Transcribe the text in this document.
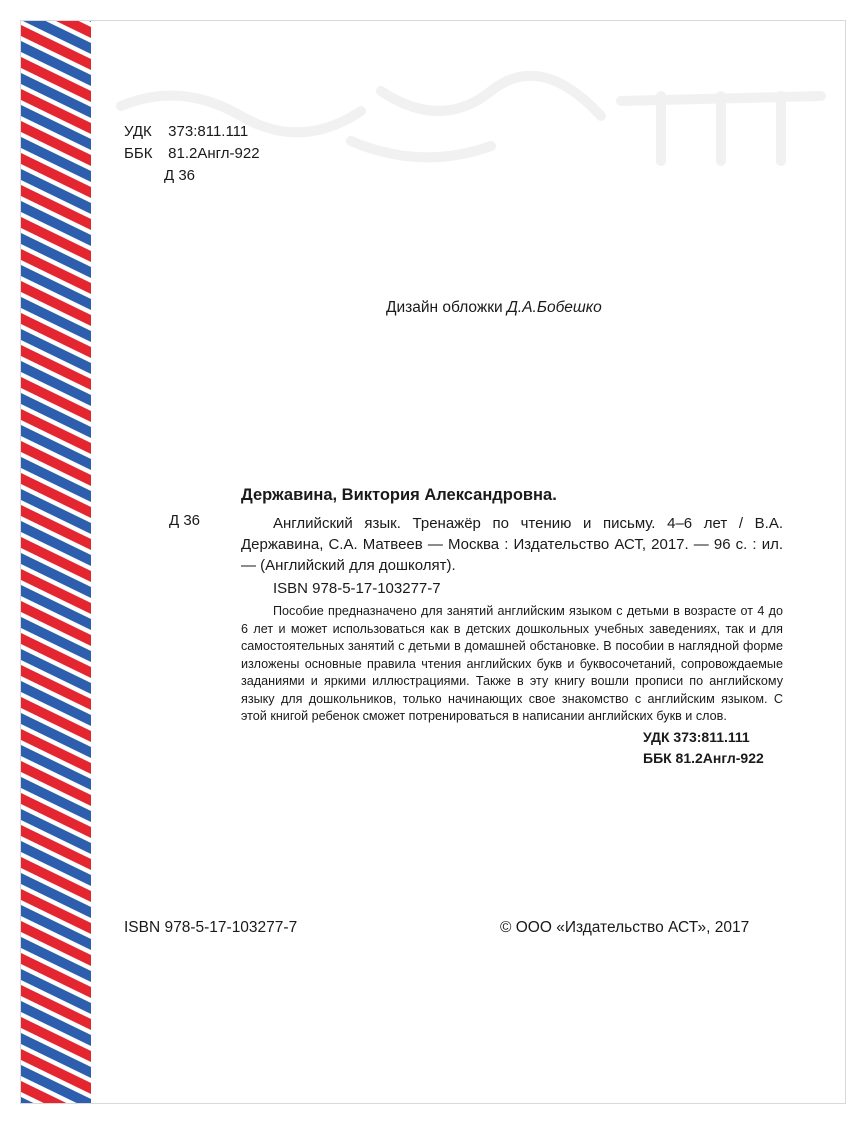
УДК 373:811.111
ББК 81.2Англ-922
Д 36
Дизайн обложки Д.А.Бобешко
Д 36

Державина, Виктория Александровна.

Английский язык. Тренажёр по чтению и письму. 4–6 лет / В.А. Державина, С.А. Матвеев — Москва : Издательство АСТ, 2017. — 96 с. : ил. — (Английский для дошколят).

ISBN 978-5-17-103277-7

Пособие предназначено для занятий английским языком с детьми в возрасте от 4 до 6 лет и может использоваться как в детских дошкольных учебных заведениях, так и для самостоятельных занятий с детьми в домашней обстановке. В пособии в наглядной форме изложены основные правила чтения английских букв и буквосочетаний, сопровождаемые заданиями и яркими иллюстрациями. Также в эту книгу вошли прописи по английскому языку для дошкольников, только начинающих свое знакомство с английским языком. С этой книгой ребенок сможет потренироваться в написании английских букв и слов.

УДК 373:811.111
ББК 81.2Англ-922
ISBN 978-5-17-103277-7	© ООО «Издательство АСТ», 2017
